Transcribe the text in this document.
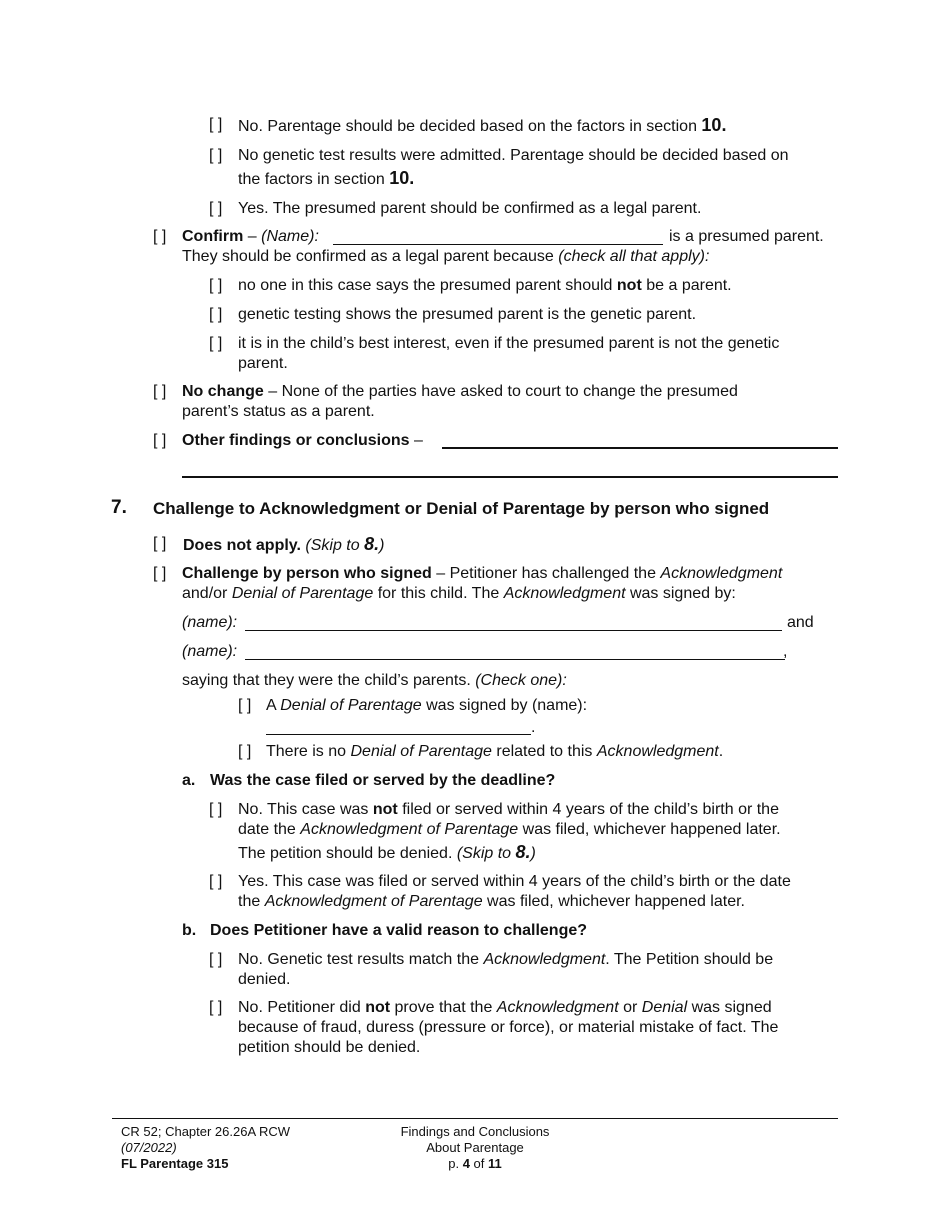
[ ] No. Parentage should be decided based on the factors in section 10.
[ ] No genetic test results were admitted. Parentage should be decided based on
the factors in section 10.
[ ] Yes. The presumed parent should be confirmed as a legal parent.
[ ] Confirm – (Name):	is a presumed parent.
They should be confirmed as a legal parent because (check all that apply):
[ ] no one in this case says the presumed parent should not be a parent.
[ ] genetic testing shows the presumed parent is the genetic parent.
[ ] it is in the child’s best interest, even if the presumed parent is not the genetic
parent.
[ ] No change – None of the parties have asked to court to change the presumed
parent’s status as a parent.
[ ] Other findings or conclusions –
7. Challenge to Acknowledgment or Denial of Parentage by person who signed
[ ] Does not apply. (Skip to 8.)
[ ] Challenge by person who signed – Petitioner has challenged the Acknowledgment
and/or Denial of Parentage for this child. The Acknowledgment was signed by:
(name):	and
(name):	,
saying that they were the child’s parents. (Check one):
[ ] A Denial of Parentage was signed by (name):
.
[ ] There is no Denial of Parentage related to this Acknowledgment.
a. Was the case filed or served by the deadline?
[ ] No. This case was not filed or served within 4 years of the child’s birth or the
date the Acknowledgment of Parentage was filed, whichever happened later.
The petition should be denied. (Skip to 8.)
[ ] Yes. This case was filed or served within 4 years of the child’s birth or the date
the Acknowledgment of Parentage was filed, whichever happened later.
b. Does Petitioner have a valid reason to challenge?
[ ] No. Genetic test results match the Acknowledgment. The Petition should be
denied.
[ ] No. Petitioner did not prove that the Acknowledgment or Denial was signed
because of fraud, duress (pressure or force), or material mistake of fact. The
petition should be denied.
CR 52; Chapter 26.26A RCW
(07/2022)
FL Parentage 315
Findings and Conclusions
About Parentage
p. 4 of 11
